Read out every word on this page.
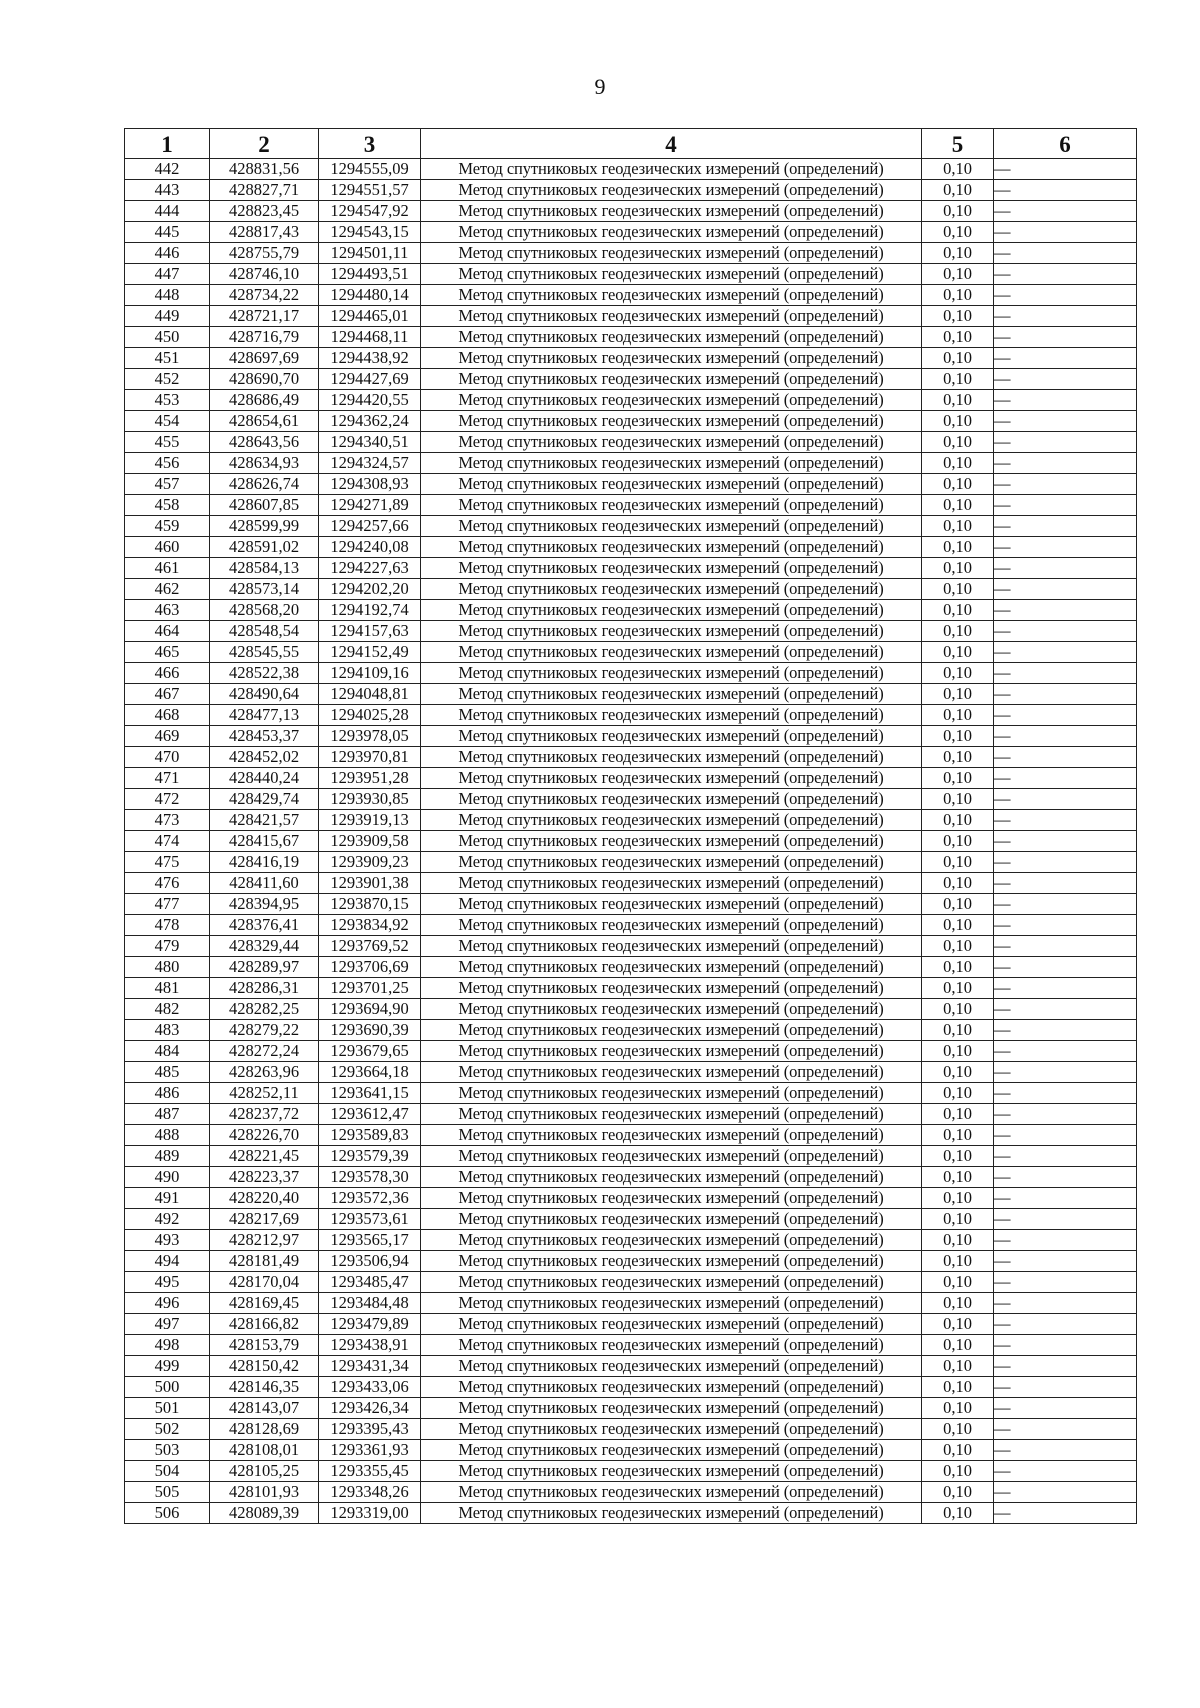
9
1	2	3	4	5	6
442	428831,56	1294555,09	Метод спутниковых геодезических измерений (определений)	0,10	—
443	428827,71	1294551,57	Метод спутниковых геодезических измерений (определений)	0,10	—
444	428823,45	1294547,92	Метод спутниковых геодезических измерений (определений)	0,10	—
445	428817,43	1294543,15	Метод спутниковых геодезических измерений (определений)	0,10	—
446	428755,79	1294501,11	Метод спутниковых геодезических измерений (определений)	0,10	—
447	428746,10	1294493,51	Метод спутниковых геодезических измерений (определений)	0,10	—
448	428734,22	1294480,14	Метод спутниковых геодезических измерений (определений)	0,10	—
449	428721,17	1294465,01	Метод спутниковых геодезических измерений (определений)	0,10	—
450	428716,79	1294468,11	Метод спутниковых геодезических измерений (определений)	0,10	—
451	428697,69	1294438,92	Метод спутниковых геодезических измерений (определений)	0,10	—
452	428690,70	1294427,69	Метод спутниковых геодезических измерений (определений)	0,10	—
453	428686,49	1294420,55	Метод спутниковых геодезических измерений (определений)	0,10	—
454	428654,61	1294362,24	Метод спутниковых геодезических измерений (определений)	0,10	—
455	428643,56	1294340,51	Метод спутниковых геодезических измерений (определений)	0,10	—
456	428634,93	1294324,57	Метод спутниковых геодезических измерений (определений)	0,10	—
457	428626,74	1294308,93	Метод спутниковых геодезических измерений (определений)	0,10	—
458	428607,85	1294271,89	Метод спутниковых геодезических измерений (определений)	0,10	—
459	428599,99	1294257,66	Метод спутниковых геодезических измерений (определений)	0,10	—
460	428591,02	1294240,08	Метод спутниковых геодезических измерений (определений)	0,10	—
461	428584,13	1294227,63	Метод спутниковых геодезических измерений (определений)	0,10	—
462	428573,14	1294202,20	Метод спутниковых геодезических измерений (определений)	0,10	—
463	428568,20	1294192,74	Метод спутниковых геодезических измерений (определений)	0,10	—
464	428548,54	1294157,63	Метод спутниковых геодезических измерений (определений)	0,10	—
465	428545,55	1294152,49	Метод спутниковых геодезических измерений (определений)	0,10	—
466	428522,38	1294109,16	Метод спутниковых геодезических измерений (определений)	0,10	—
467	428490,64	1294048,81	Метод спутниковых геодезических измерений (определений)	0,10	—
468	428477,13	1294025,28	Метод спутниковых геодезических измерений (определений)	0,10	—
469	428453,37	1293978,05	Метод спутниковых геодезических измерений (определений)	0,10	—
470	428452,02	1293970,81	Метод спутниковых геодезических измерений (определений)	0,10	—
471	428440,24	1293951,28	Метод спутниковых геодезических измерений (определений)	0,10	—
472	428429,74	1293930,85	Метод спутниковых геодезических измерений (определений)	0,10	—
473	428421,57	1293919,13	Метод спутниковых геодезических измерений (определений)	0,10	—
474	428415,67	1293909,58	Метод спутниковых геодезических измерений (определений)	0,10	—
475	428416,19	1293909,23	Метод спутниковых геодезических измерений (определений)	0,10	—
476	428411,60	1293901,38	Метод спутниковых геодезических измерений (определений)	0,10	—
477	428394,95	1293870,15	Метод спутниковых геодезических измерений (определений)	0,10	—
478	428376,41	1293834,92	Метод спутниковых геодезических измерений (определений)	0,10	—
479	428329,44	1293769,52	Метод спутниковых геодезических измерений (определений)	0,10	—
480	428289,97	1293706,69	Метод спутниковых геодезических измерений (определений)	0,10	—
481	428286,31	1293701,25	Метод спутниковых геодезических измерений (определений)	0,10	—
482	428282,25	1293694,90	Метод спутниковых геодезических измерений (определений)	0,10	—
483	428279,22	1293690,39	Метод спутниковых геодезических измерений (определений)	0,10	—
484	428272,24	1293679,65	Метод спутниковых геодезических измерений (определений)	0,10	—
485	428263,96	1293664,18	Метод спутниковых геодезических измерений (определений)	0,10	—
486	428252,11	1293641,15	Метод спутниковых геодезических измерений (определений)	0,10	—
487	428237,72	1293612,47	Метод спутниковых геодезических измерений (определений)	0,10	—
488	428226,70	1293589,83	Метод спутниковых геодезических измерений (определений)	0,10	—
489	428221,45	1293579,39	Метод спутниковых геодезических измерений (определений)	0,10	—
490	428223,37	1293578,30	Метод спутниковых геодезических измерений (определений)	0,10	—
491	428220,40	1293572,36	Метод спутниковых геодезических измерений (определений)	0,10	—
492	428217,69	1293573,61	Метод спутниковых геодезических измерений (определений)	0,10	—
493	428212,97	1293565,17	Метод спутниковых геодезических измерений (определений)	0,10	—
494	428181,49	1293506,94	Метод спутниковых геодезических измерений (определений)	0,10	—
495	428170,04	1293485,47	Метод спутниковых геодезических измерений (определений)	0,10	—
496	428169,45	1293484,48	Метод спутниковых геодезических измерений (определений)	0,10	—
497	428166,82	1293479,89	Метод спутниковых геодезических измерений (определений)	0,10	—
498	428153,79	1293438,91	Метод спутниковых геодезических измерений (определений)	0,10	—
499	428150,42	1293431,34	Метод спутниковых геодезических измерений (определений)	0,10	—
500	428146,35	1293433,06	Метод спутниковых геодезических измерений (определений)	0,10	—
501	428143,07	1293426,34	Метод спутниковых геодезических измерений (определений)	0,10	—
502	428128,69	1293395,43	Метод спутниковых геодезических измерений (определений)	0,10	—
503	428108,01	1293361,93	Метод спутниковых геодезических измерений (определений)	0,10	—
504	428105,25	1293355,45	Метод спутниковых геодезических измерений (определений)	0,10	—
505	428101,93	1293348,26	Метод спутниковых геодезических измерений (определений)	0,10	—
506	428089,39	1293319,00	Метод спутниковых геодезических измерений (определений)	0,10	—
